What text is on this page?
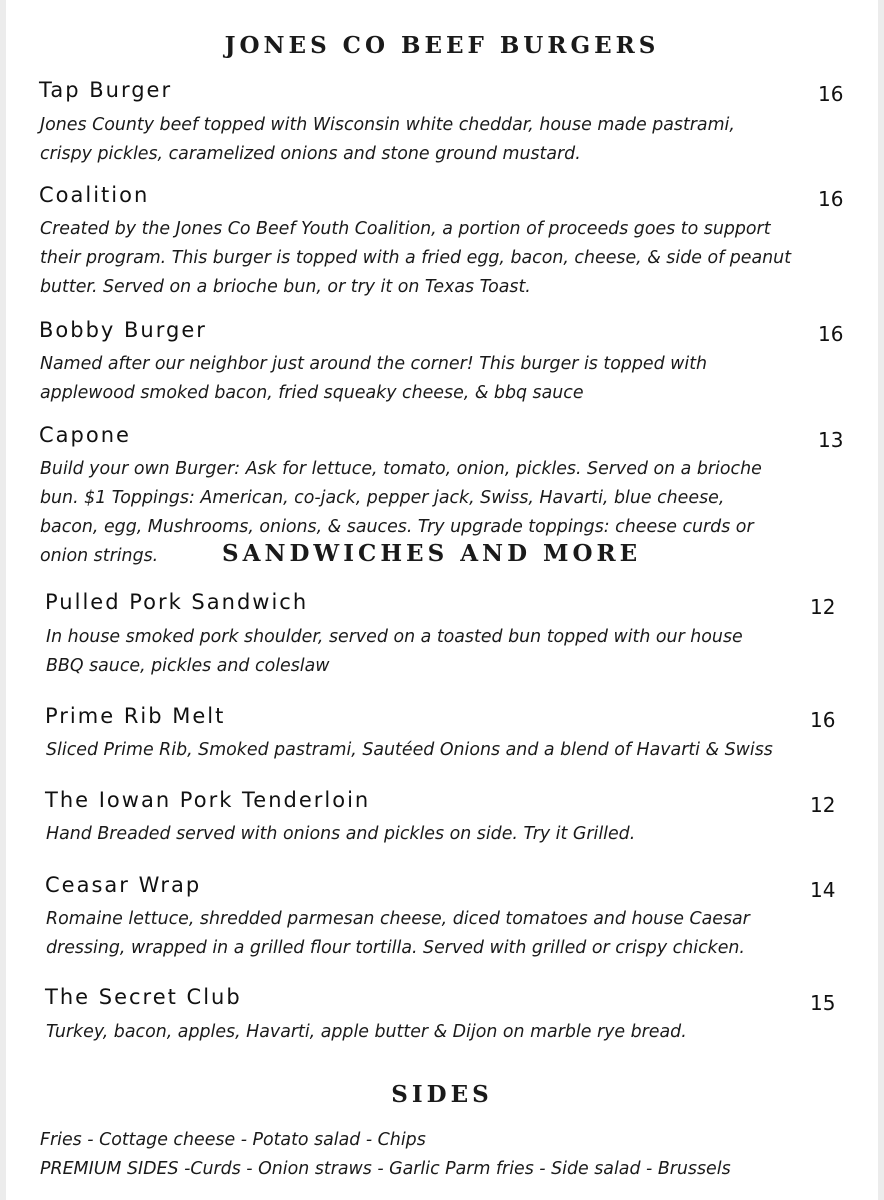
JONES CO BEEF BURGERS
Tap Burger	16
Jones County beef topped with Wisconsin white cheddar, house made pastrami,
crispy pickles, caramelized onions and stone ground mustard.
Coalition	16
Created by the Jones Co Beef Youth Coalition, a portion of proceeds goes to support
their program. This burger is topped with a fried egg, bacon, cheese, & side of peanut
butter. Served on a brioche bun, or try it on Texas Toast.
Bobby Burger	16
Named after our neighbor just around the corner! This burger is topped with
applewood smoked bacon, fried squeaky cheese, & bbq sauce
Capone	13
Build your own Burger: Ask for lettuce, tomato, onion, pickles. Served on a brioche
bun. $1 Toppings: American, co-jack, pepper jack, Swiss, Havarti, blue cheese,
bacon, egg, Mushrooms, onions, & sauces. Try upgrade toppings: cheese curds or
onion strings.	SANDWICHES AND MORE
Pulled Pork Sandwich	12
In house smoked pork shoulder, served on a toasted bun topped with our house
BBQ sauce, pickles and coleslaw
Prime Rib Melt	16
Sliced Prime Rib, Smoked pastrami, Sautéed Onions and a blend of Havarti & Swiss
The Iowan Pork Tenderloin	12
Hand Breaded served with onions and pickles on side. Try it Grilled.
Ceasar Wrap	14
Romaine lettuce, shredded parmesan cheese, diced tomatoes and house Caesar
dressing, wrapped in a grilled flour tortilla. Served with grilled or crispy chicken.
The Secret Club	15
Turkey, bacon, apples, Havarti, apple butter & Dijon on marble rye bread.
SIDES
Fries - Cottage cheese - Potato salad - Chips
PREMIUM SIDES -Curds - Onion straws - Garlic Parm fries - Side salad - Brussels
